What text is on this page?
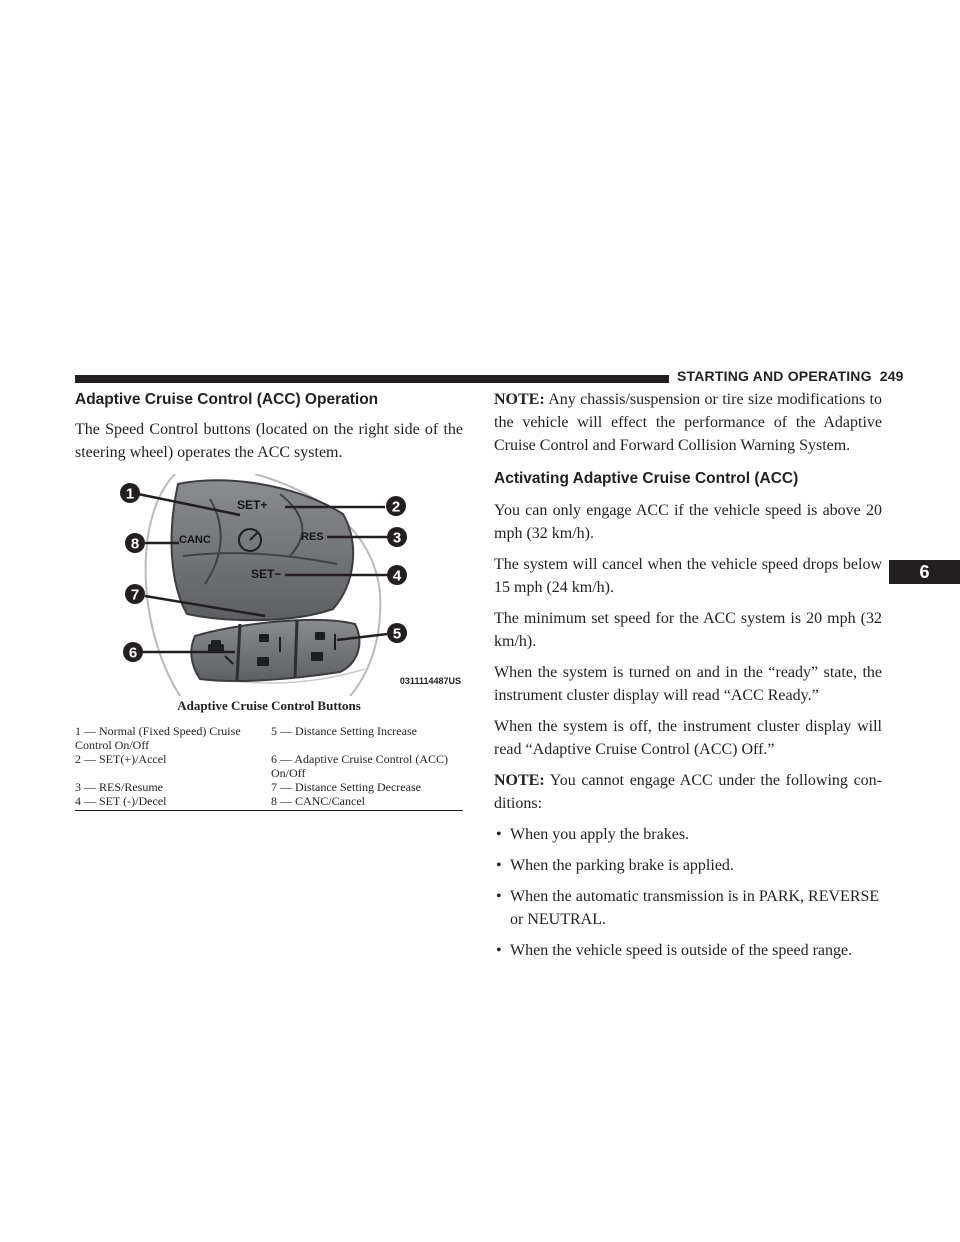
STARTING AND OPERATING 249
6
Adaptive Cruise Control (ACC) Operation

The Speed Control buttons (located on the right side of the steering wheel) operates the ACC system.

SET+
RES
CANC
SET−
1
2
3
4
5
6
7
8
0311114487US
Adaptive Cruise Control Buttons
1 — Normal (Fixed Speed) Cruise Control On/Off	5 — Distance Setting Increase
2 — SET(+)/Accel	6 — Adaptive Cruise Control (ACC) On/Off
3 — RES/Resume	7 — Distance Setting Decrease
4 — SET (-)/Decel	8 — CANC/Cancel

NOTE: Any chassis/suspension or tire size modifications to the vehicle will effect the performance of the Adaptive Cruise Control and Forward Collision Warning System.

Activating Adaptive Cruise Control (ACC)

You can only engage ACC if the vehicle speed is above 20 mph (32 km/h).

The system will cancel when the vehicle speed drops below 15 mph (24 km/h).

The minimum set speed for the ACC system is 20 mph (32 km/h).

When the system is turned on and in the “ready” state, the instrument cluster display will read “ACC Ready.”

When the system is off, the instrument cluster display will read “Adaptive Cruise Control (ACC) Off.”

NOTE: You cannot engage ACC under the following con- ditions:

• When you apply the brakes.
• When the parking brake is applied.
• When the automatic transmission is in PARK, REVERSE or NEUTRAL.
• When the vehicle speed is outside of the speed range.
